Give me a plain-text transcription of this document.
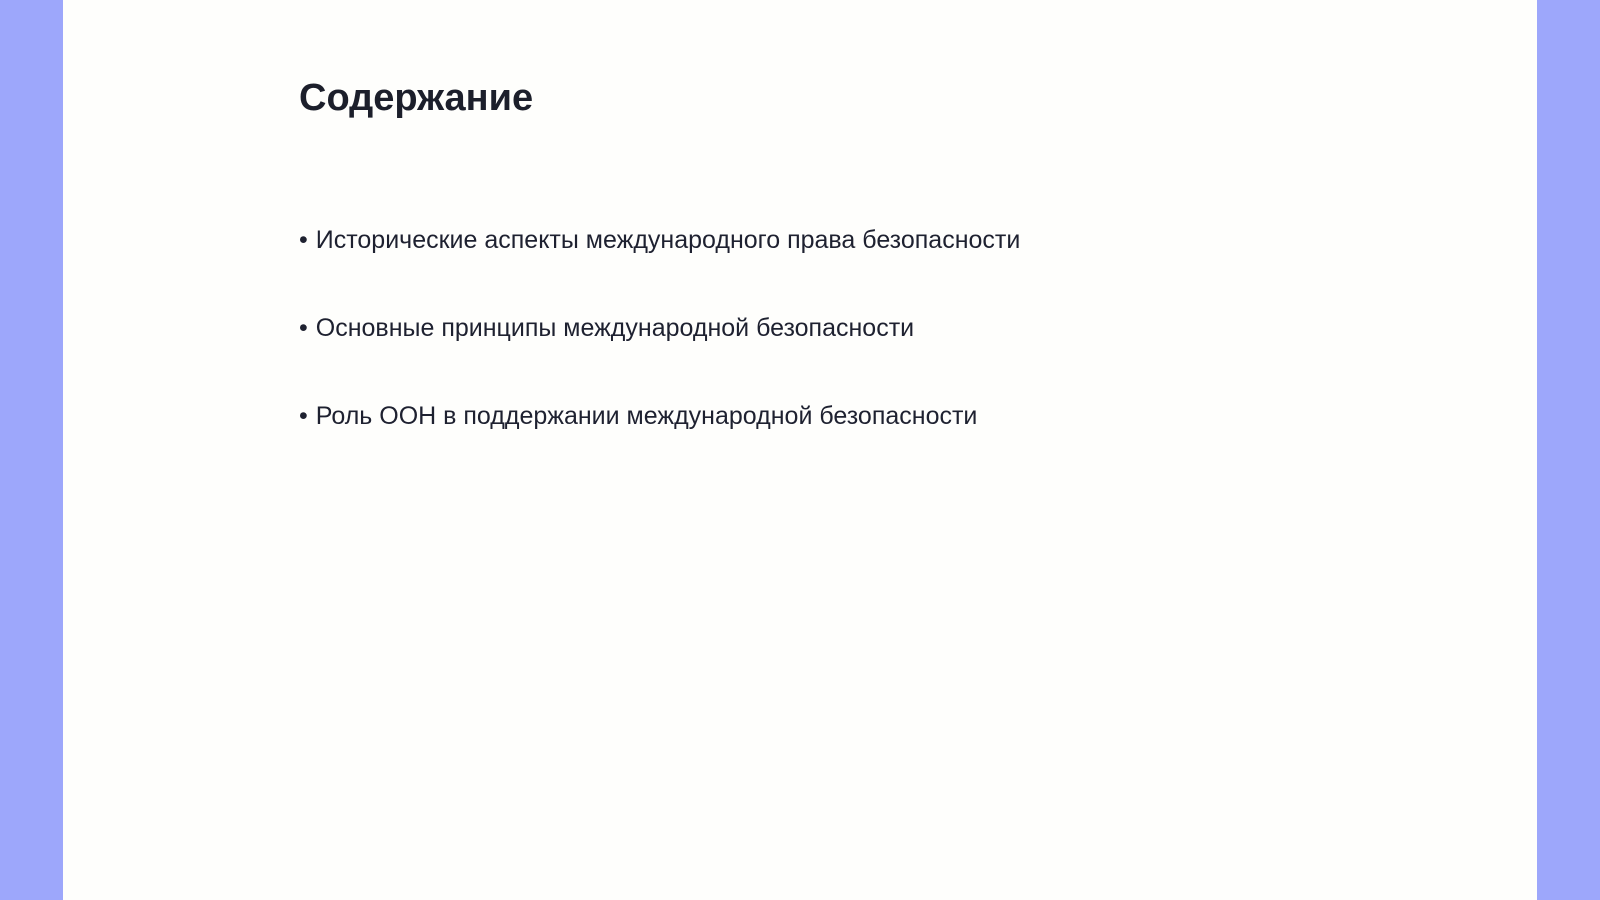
Содержание
• Исторические аспекты международного права безопасности
• Основные принципы международной безопасности
• Роль ООН в поддержании международной безопасности
